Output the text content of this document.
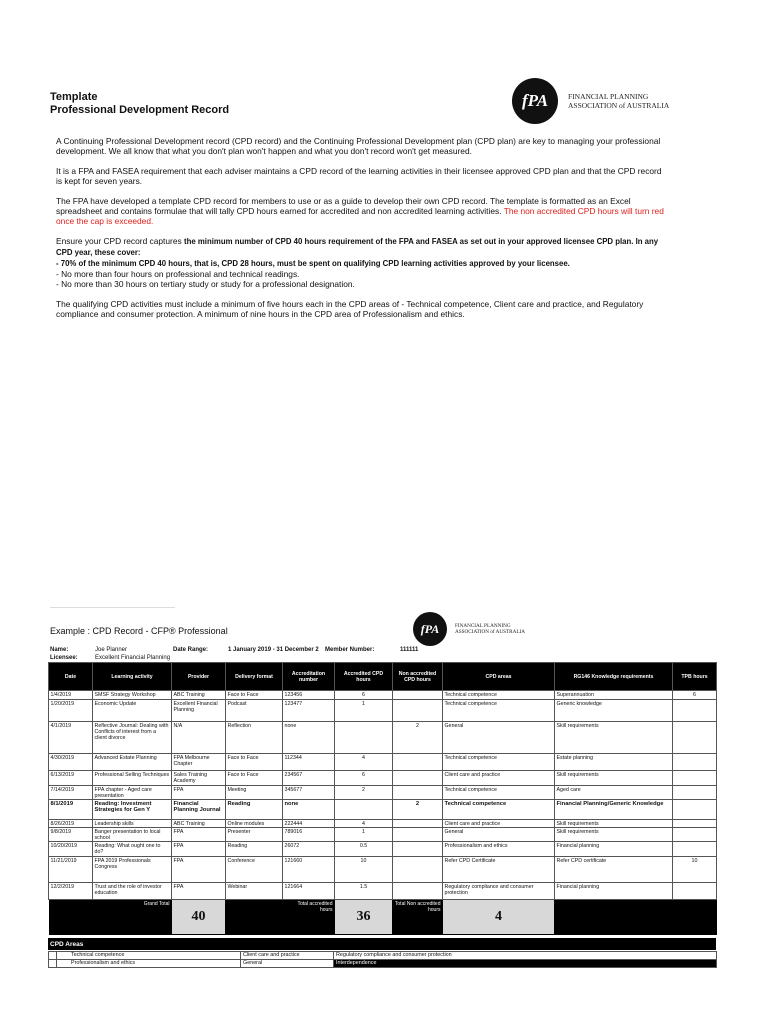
Template
Professional Development Record	fPA	FINANCIAL PLANNING
ASSOCIATION of AUSTRALIA

A Continuing Professional Development record (CPD record) and the Continuing Professional Development plan (CPD plan) are key to managing your professional development. We all know that what you don't plan won't happen and what you don't record won't get measured.

It is a FPA and FASEA requirement that each adviser maintains a CPD record of the learning activities in their licensee approved CPD plan and that the CPD record is kept for seven years.

The FPA have developed a template CPD record for members to use or as a guide to develop their own CPD record. The template is formatted as an Excel spreadsheet and contains formulae that will tally CPD hours earned for accredited and non accredited learning activities. The non accredited CPD hours will turn red once the cap is exceeded.

Ensure your CPD record captures the minimum number of CPD 40 hours requirement of the FPA and FASEA as set out in your approved licensee CPD plan. In any CPD year, these cover:
- 70% of the minimum CPD 40 hours, that is, CPD 28 hours, must be spent on qualifying CPD learning activities approved by your licensee.
- No more than four hours on professional and technical readings.
- No more than 30 hours on tertiary study or study for a professional designation.

The qualifying CPD activities must include a minimum of five hours each in the CPD areas of - Technical competence, Client care and practice, and Regulatory compliance and consumer protection. A minimum of nine hours in the CPD area of Professionalism and ethics.

Example : CPD Record - CFP® Professional	fPA	FINANCIAL PLANNING
ASSOCIATION of AUSTRALIA
Name:	Joe Planner	Date Range:	1 January 2019 - 31 December 2 Member Number:	111111
Licensee:	Excellent Financial Planning
Date	Learning activity	Provider	Delivery format	Accreditation number	Accredited CPD hours	Non accredited CPD hours	CPD areas	RG146 Knowledge requirements	TPB hours
1/4/2019	SMSF Strategy Workshop	ABC Training	Face to Face	123456	6		Technical competence	Superannuation	6
1/20/2019	Economic Update	Excellent Financial Planning	Podcast	123477	1		Technical competence	Generic knowledge	
4/1/2019	Reflective Journal: Dealing with Conflicts of interest from a client divorce	N/A	Reflection	none		2	General	Skill requirements	
4/30/2019	Advanced Estate Planning	FPA Melbourne Chapter	Face to Face	112344	4		Technical competence	Estate planning	
6/13/2019	Professional Selling Techniques	Sales Training Academy	Face to Face	234567	6		Client care and practice	Skill requirements	
7/14/2019	FPA chapter - Aged care presentation	FPA	Meeting	345677	2		Technical competence	Aged care	
8/1/2019	Reading: Investment Strategies for Gen Y	Financial Planning Journal	Reading	none		2	Technical competence	Financial Planning/Generic Knowledge	
8/26/2019	Leadership skills	ABC Training	Online modules	222444	4		Client care and practice	Skill requirements	
9/8/2019	Banger presentation to local school	FPA	Presenter	789016	1		General	Skill requirements	
10/20/2019	Reading: What ought one to do?	FPA	Reading	26072	0.5		Professionalism and ethics	Financial planning	
11/21/2019	FPA 2019 Professionals Congress	FPA	Conference	121660	10		Refer CPD Certificate	Refer CPD certificate	10
12/2/2019	Trust and the role of investor education	FPA	Webinar	121664	1.5		Regulatory compliance and consumer protection	Financial planning	
Grand Total		40		Total accredited hours	36	Total Non accredited hours	4		
CPD Areas
	Technical competence	Client care and practice	Regulatory compliance and consumer protection
	Professionalism and ethics	General	Interdependence
